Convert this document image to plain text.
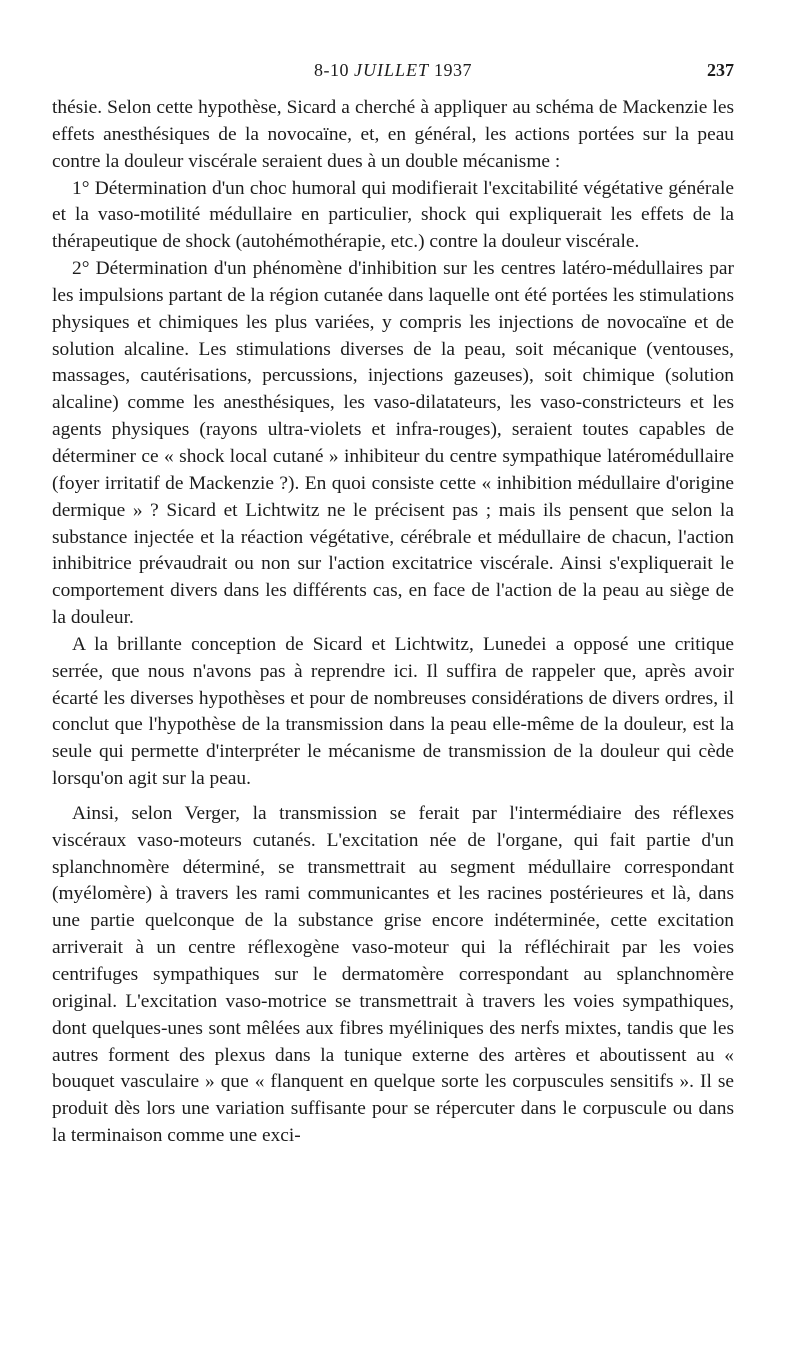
8-10 JUILLET 1937	237

thésie. Selon cette hypothèse, Sicard a cherché à appliquer au schéma de Mackenzie les effets anesthésiques de la novocaïne, et, en général, les actions portées sur la peau contre la douleur viscérale seraient dues à un double mécanisme :

1° Détermination d'un choc humoral qui modifierait l'excitabilité végétative générale et la vaso-motilité médullaire en particulier, shock qui expliquerait les effets de la thérapeutique de shock (autohémothérapie, etc.) contre la douleur viscérale.

2° Détermination d'un phénomène d'inhibition sur les centres latéro-médullaires par les impulsions partant de la région cutanée dans laquelle ont été portées les stimulations physiques et chimiques les plus variées, y compris les injections de novocaïne et de solution alcaline. Les stimulations diverses de la peau, soit mécanique (ventouses, massages, cautérisations, percussions, injections gazeuses), soit chimique (solution alcaline) comme les anesthésiques, les vaso-dilatateurs, les vaso-constricteurs et les agents physiques (rayons ultra-violets et infra-rouges), seraient toutes capables de déterminer ce « shock local cutané » inhibiteur du centre sympathique latéromédullaire (foyer irritatif de Mackenzie ?). En quoi consiste cette « inhibition médullaire d'origine dermique » ? Sicard et Lichtwitz ne le précisent pas ; mais ils pensent que selon la substance injectée et la réaction végétative, cérébrale et médullaire de chacun, l'action inhibitrice prévaudrait ou non sur l'action excitatrice viscérale. Ainsi s'expliquerait le comportement divers dans les différents cas, en face de l'action de la peau au siège de la douleur.

A la brillante conception de Sicard et Lichtwitz, Lunedei a opposé une critique serrée, que nous n'avons pas à reprendre ici. Il suffira de rappeler que, après avoir écarté les diverses hypothèses et pour de nombreuses considérations de divers ordres, il conclut que l'hypothèse de la transmission dans la peau elle-même de la douleur, est la seule qui permette d'interpréter le mécanisme de transmission de la douleur qui cède lorsqu'on agit sur la peau.

Ainsi, selon Verger, la transmission se ferait par l'intermédiaire des réflexes viscéraux vaso-moteurs cutanés. L'excitation née de l'organe, qui fait partie d'un splanchnomère déterminé, se transmettrait au segment médullaire correspondant (myélomère) à travers les rami communicantes et les racines postérieures et là, dans une partie quelconque de la substance grise encore indéterminée, cette excitation arriverait à un centre réflexogène vaso-moteur qui la réfléchirait par les voies centrifuges sympathiques sur le dermatomère correspondant au splanchnomère original. L'excitation vaso-motrice se transmettrait à travers les voies sympathiques, dont quelques-unes sont mêlées aux fibres myéliniques des nerfs mixtes, tandis que les autres forment des plexus dans la tunique externe des artères et aboutissent au « bouquet vasculaire » que « flanquent en quelque sorte les corpuscules sensitifs ». Il se produit dès lors une variation suffisante pour se répercuter dans le corpuscule ou dans la terminaison comme une exci-
